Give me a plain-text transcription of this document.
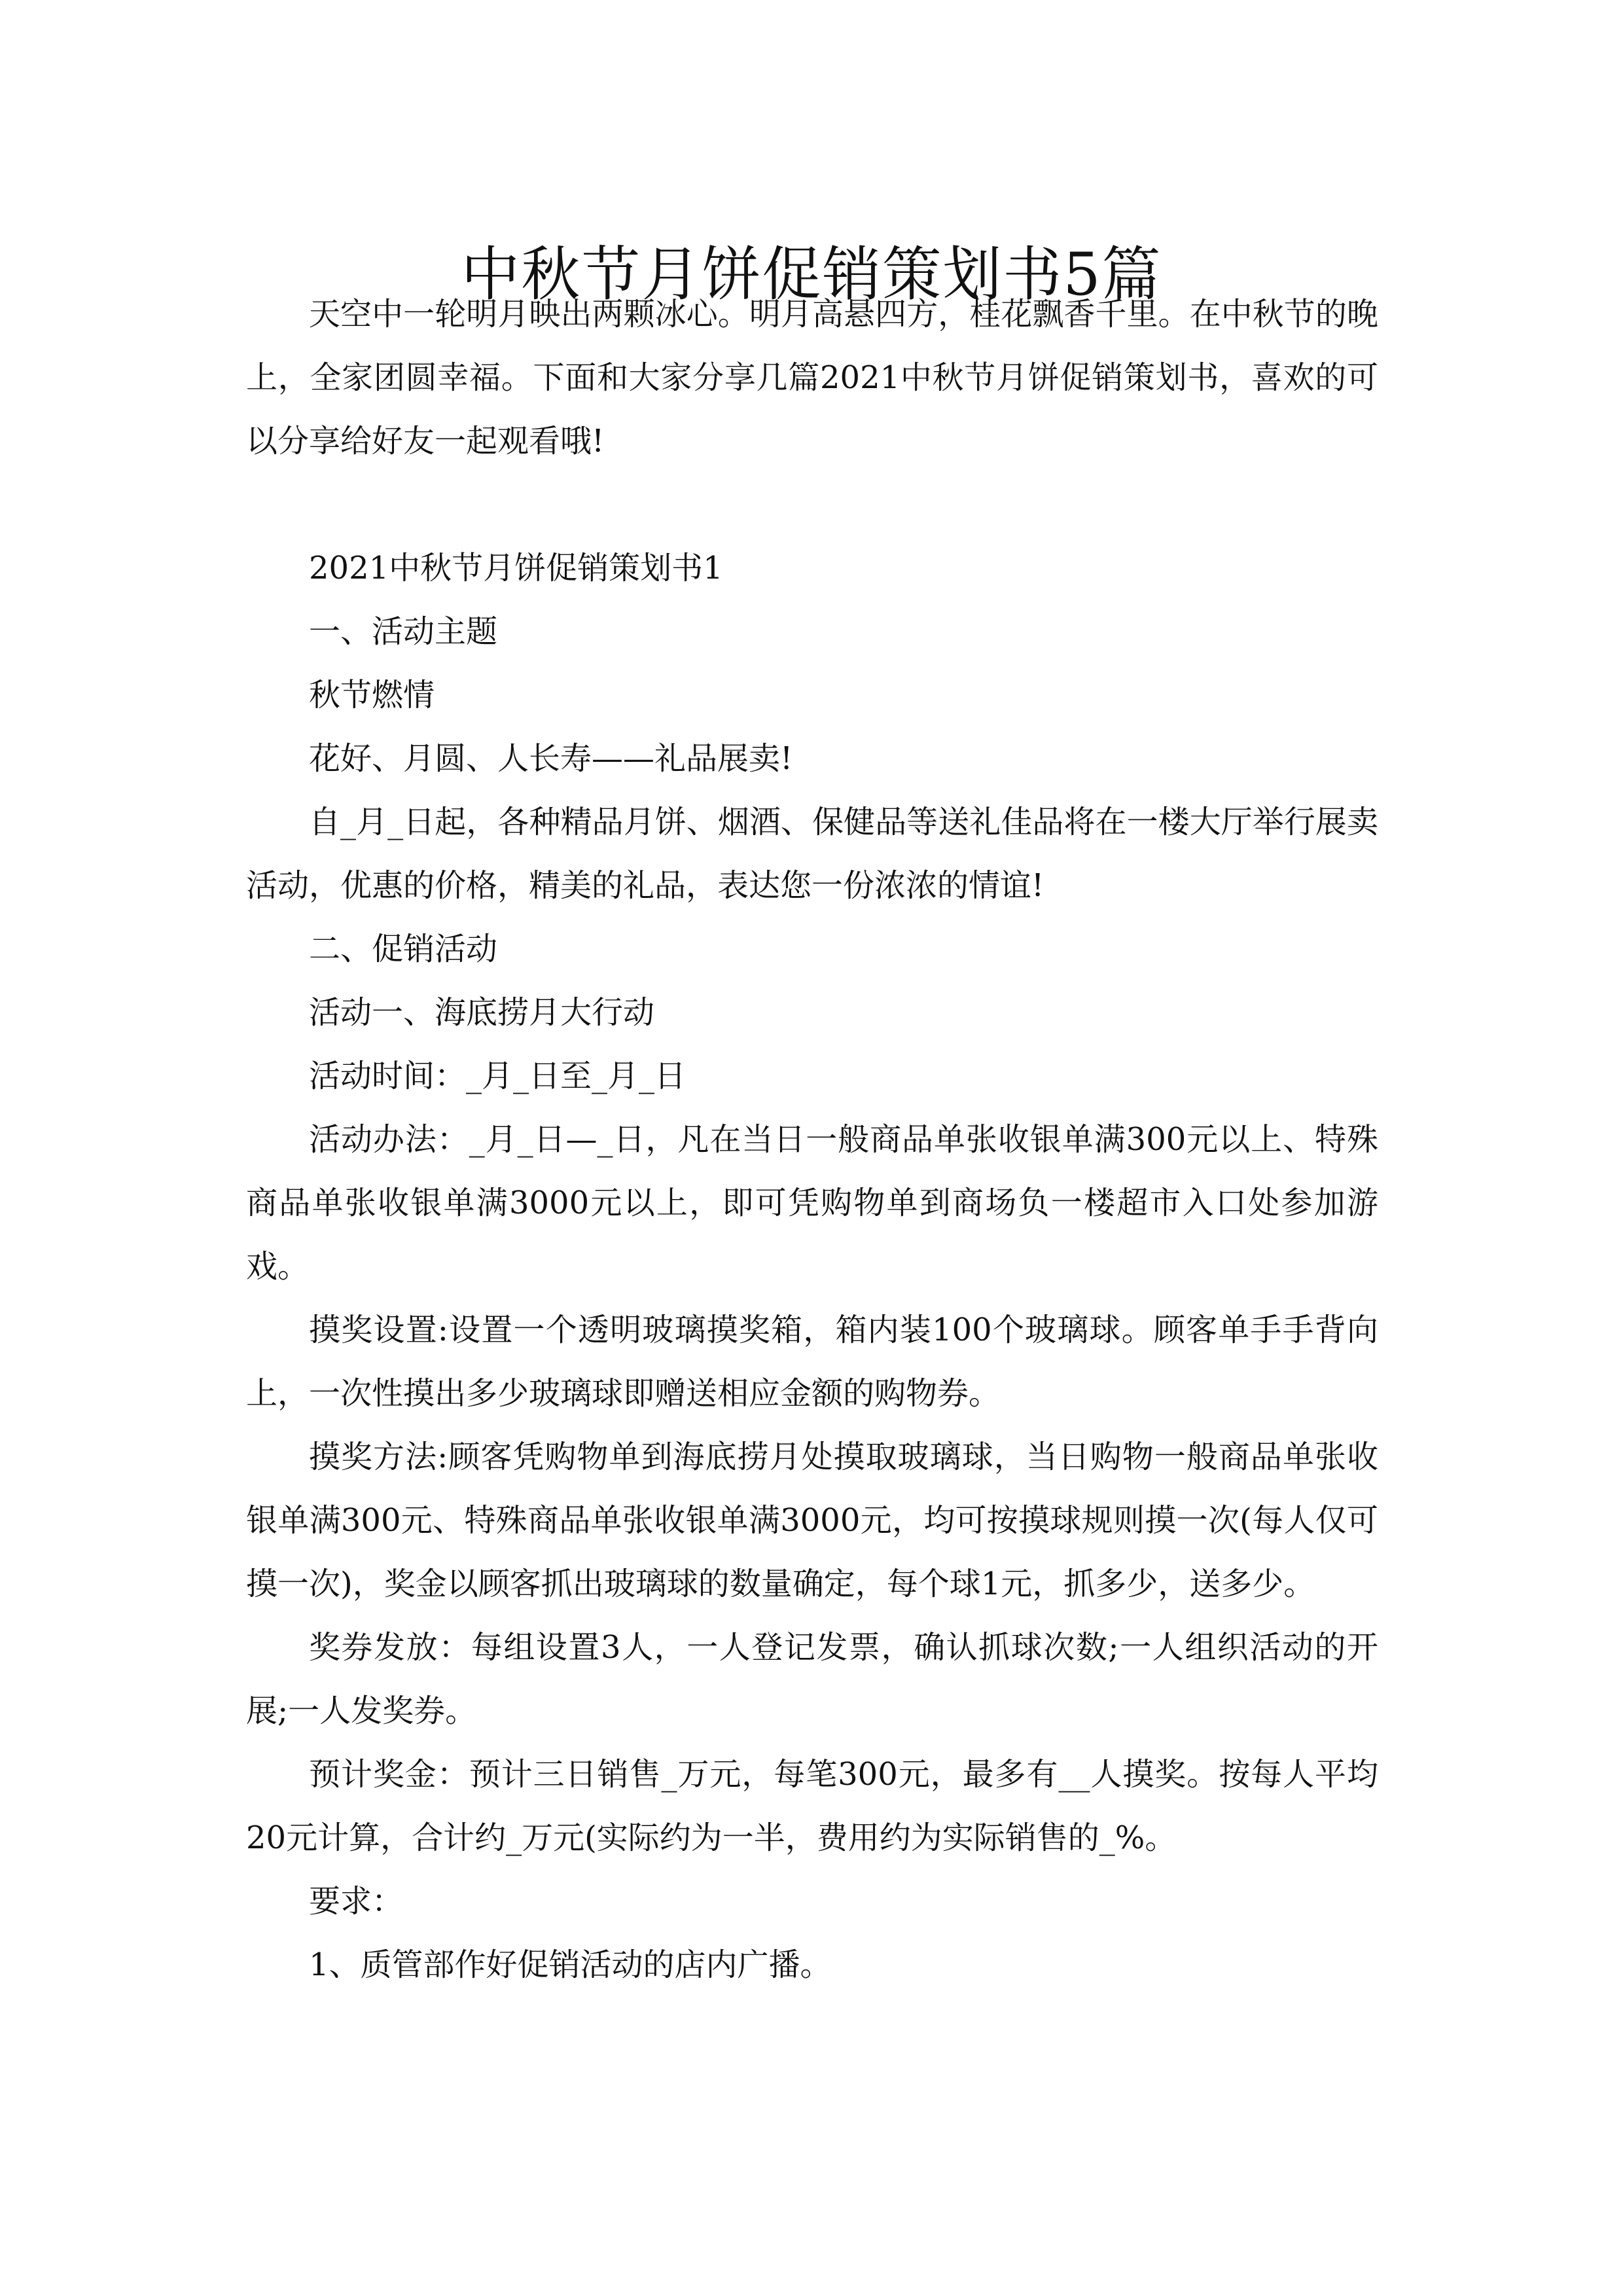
中秋节月饼促销策划书5篇

天空中一轮明月映出两颗冰心。明月高悬四方，桂花飘香千里。在中秋节的晚上，全家团圆幸福。下面和大家分享几篇2021中秋节月饼促销策划书，喜欢的可以分享给好友一起观看哦!

2021中秋节月饼促销策划书1

一、活动主题

秋节燃情

花好、月圆、人长寿——礼品展卖!

自_月_日起，各种精品月饼、烟酒、保健品等送礼佳品将在一楼大厅举行展卖活动，优惠的价格，精美的礼品，表达您一份浓浓的情谊!

二、促销活动

活动一、海底捞月大行动

活动时间：_月_日至_月_日

活动办法：_月_日—_日，凡在当日一般商品单张收银单满300元以上、特殊商品单张收银单满3000元以上，即可凭购物单到商场负一楼超市入口处参加游戏。

摸奖设置:设置一个透明玻璃摸奖箱，箱内装100个玻璃球。顾客单手手背向上，一次性摸出多少玻璃球即赠送相应金额的购物券。

摸奖方法:顾客凭购物单到海底捞月处摸取玻璃球，当日购物一般商品单张收银单满300元、特殊商品单张收银单满3000元，均可按摸球规则摸一次(每人仅可摸一次)，奖金以顾客抓出玻璃球的数量确定，每个球1元，抓多少，送多少。

奖券发放：每组设置3人，一人登记发票，确认抓球次数;一人组织活动的开展;一人发奖券。

预计奖金：预计三日销售_万元，每笔300元，最多有__人摸奖。按每人平均20元计算，合计约_万元(实际约为一半，费用约为实际销售的_%。

要求：

1、质管部作好促销活动的店内广播。
